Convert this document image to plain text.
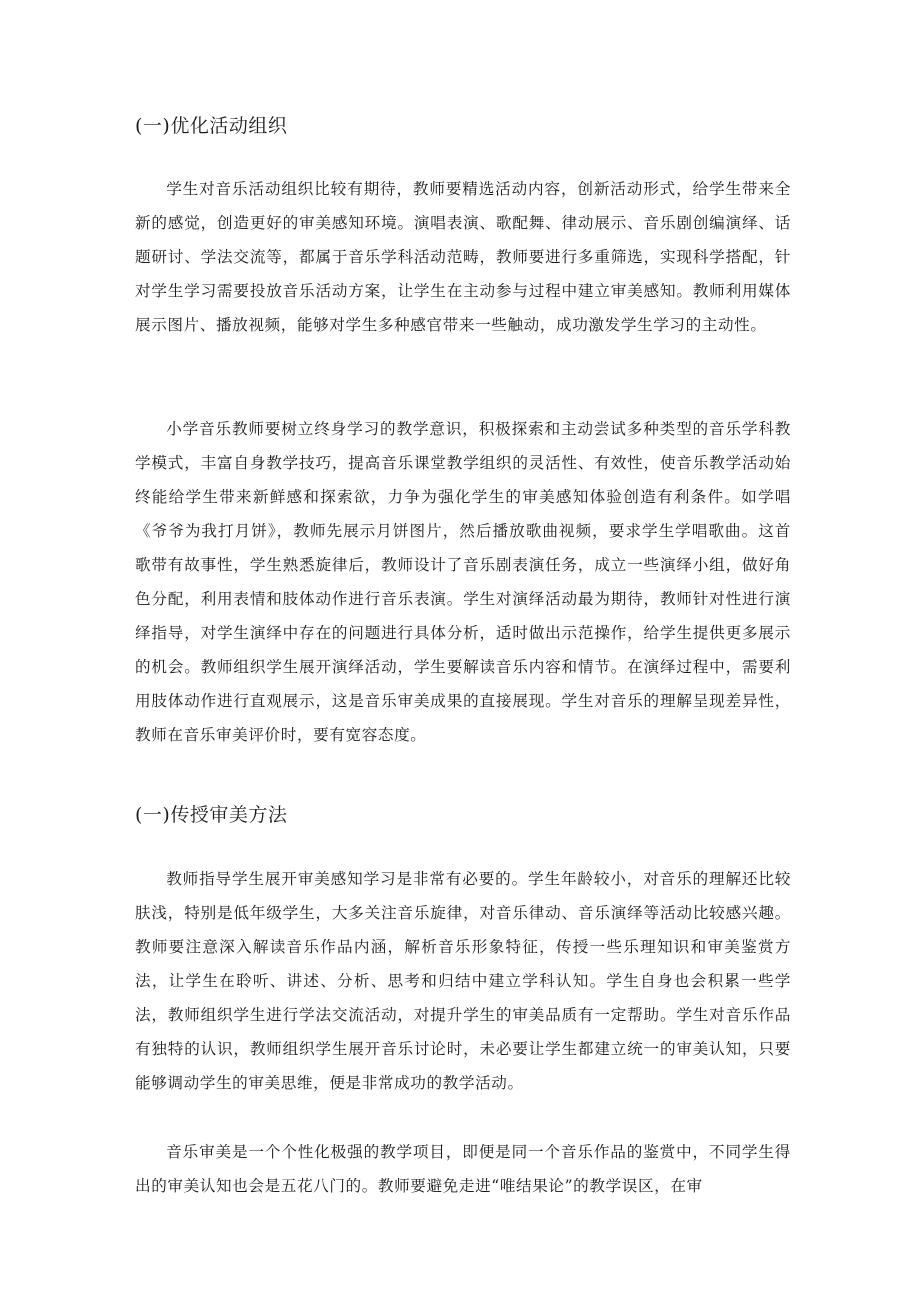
(一)优化活动组织

学生对音乐活动组织比较有期待，教师要精选活动内容，创新活动形式，给学生带来全新的感觉，创造更好的审美感知环境。演唱表演、歌配舞、律动展示、音乐剧创编演绎、话题研讨、学法交流等，都属于音乐学科活动范畴，教师要进行多重筛选，实现科学搭配，针对学生学习需要投放音乐活动方案，让学生在主动参与过程中建立审美感知。教师利用媒体展示图片、播放视频，能够对学生多种感官带来一些触动，成功激发学生学习的主动性。

小学音乐教师要树立终身学习的教学意识，积极探索和主动尝试多种类型的音乐学科教学模式，丰富自身教学技巧，提高音乐课堂教学组织的灵活性、有效性，使音乐教学活动始终能给学生带来新鲜感和探索欲，力争为强化学生的审美感知体验创造有利条件。如学唱《爷爷为我打月饼》，教师先展示月饼图片，然后播放歌曲视频，要求学生学唱歌曲。这首歌带有故事性，学生熟悉旋律后，教师设计了音乐剧表演任务，成立一些演绎小组，做好角色分配，利用表情和肢体动作进行音乐表演。学生对演绎活动最为期待，教师针对性进行演绎指导，对学生演绎中存在的问题进行具体分析，适时做出示范操作，给学生提供更多展示的机会。教师组织学生展开演绎活动，学生要解读音乐内容和情节。在演绎过程中，需要利用肢体动作进行直观展示，这是音乐审美成果的直接展现。学生对音乐的理解呈现差异性，教师在音乐审美评价时，要有宽容态度。

(一)传授审美方法

教师指导学生展开审美感知学习是非常有必要的。学生年龄较小，对音乐的理解还比较肤浅，特别是低年级学生，大多关注音乐旋律，对音乐律动、音乐演绎等活动比较感兴趣。教师要注意深入解读音乐作品内涵，解析音乐形象特征，传授一些乐理知识和审美鉴赏方法，让学生在聆听、讲述、分析、思考和归结中建立学科认知。学生自身也会积累一些学法，教师组织学生进行学法交流活动，对提升学生的审美品质有一定帮助。学生对音乐作品有独特的认识，教师组织学生展开音乐讨论时，未必要让学生都建立统一的审美认知，只要能够调动学生的审美思维，便是非常成功的教学活动。

音乐审美是一个个性化极强的教学项目，即便是同一个音乐作品的鉴赏中，不同学生得出的审美认知也会是五花八门的。教师要避免走进“唯结果论”的教学误区，在审
